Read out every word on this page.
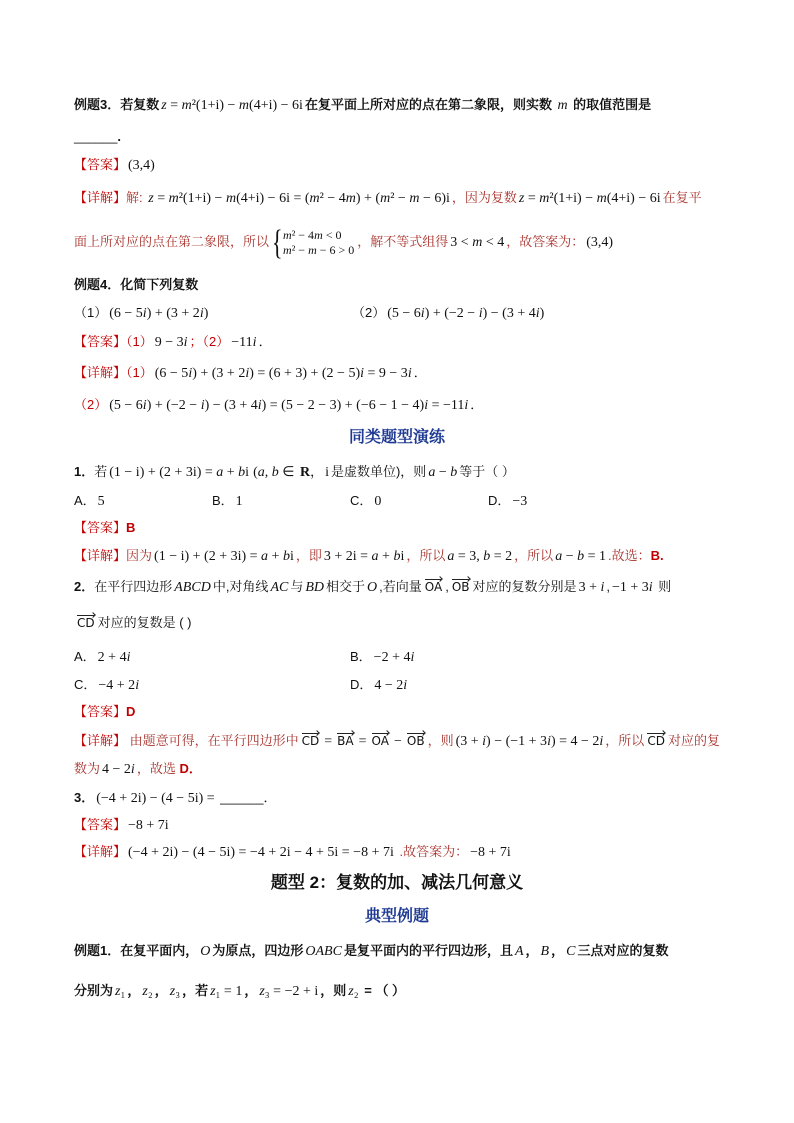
例题3．若复数 z = m²(1+i) − m(4+i) − 6i 在复平面上所对应的点在第二象限，则实数 m 的取值范围是
______.
【答案】 (3,4)
【详解】解: z = m²(1+i) − m(4+i) − 6i = (m² − 4m) + (m² − m − 6)i ，因为复数 z = m²(1+i) − m(4+i) − 6i 在复平
面上所对应的点在第二象限，所以
{ m² − 4m < 0
m² − m − 6 > 0
，解不等式组得 3 < m < 4 ，故答案为： (3,4)
例题4．化简下列复数
（1） (6 − 5i) + (3 + 2i)	（2） (5 − 6i) + (−2 − i) − (3 + 4i)
【答案】（1） 9 − 3i ；（2） −11i ．
【详解】（1） (6 − 5i) + (3 + 2i) = (6 + 3) + (2 − 5)i = 9 − 3i ．
（2） (5 − 6i) + (−2 − i) − (3 + 4i) = (5 − 2 − 3) + (−6 − 1 − 4)i = −11i ．
同类题型演练
1．若 (1 − i) + (2 + 3i) = a + bi (a, b ∈ R， i 是虚数单位)，则 a − b 等于（ ）
A． 5	B． 1	C． 0	D． −3
【答案】B
【详解】因为 (1 − i) + (2 + 3i) = a + bi ，即 3 + 2i = a + bi ，所以 a = 3, b = 2 ，所以 a − b = 1 .故选：B.
2．在平行四边形 ABCD 中,对角线 AC 与 BD 相交于 O ,若向量 OA , OB 对应的复数分别是 3 + i , −1 + 3i 则
CD 对应的复数是 ( )
A． 2 + 4i	B． −2 + 4i
C． −4 + 2i	D． 4 − 2i
【答案】D
【详解】 由题意可得，在平行四边形中 CD = BA = OA − OB ，则 (3 + i) − (−1 + 3i) = 4 − 2i ，所以 CD 对应的复
数为 4 − 2i ，故选 D．
3． (−4 + 2i) − (4 − 5i) = ______．
【答案】 −8 + 7i
【详解】 (−4 + 2i) − (4 − 5i) = −4 + 2i − 4 + 5i = −8 + 7i .故答案为： −8 + 7i
题型 2：复数的加、减法几何意义
典型例题
例题1．在复平面内， O 为原点，四边形 OABC 是复平面内的平行四边形，且 A ， B ， C 三点对应的复数
分别为 z₁ ， z₂ ， z₃ ，若 z₁ = 1 ， z₃ = −2 + i ，则 z₂ = （ ）
